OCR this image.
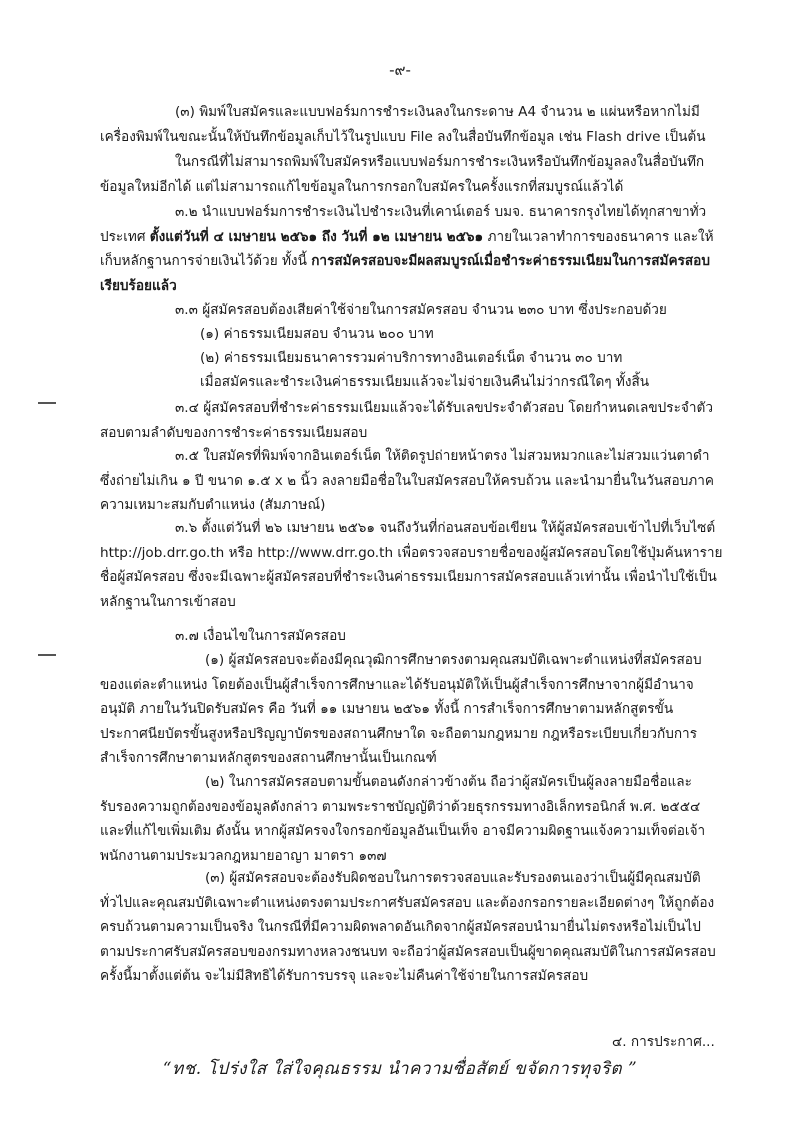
-๙-
(๓) พิมพ์ใบสมัครและแบบฟอร์มการชำระเงินลงในกระดาษ A4 จำนวน ๒ แผ่นหรือหากไม่มีเครื่องพิมพ์ในขณะนั้นให้บันทึกข้อมูลเก็บไว้ในรูปแบบ File ลงในสื่อบันทึกข้อมูล เช่น Flash drive เป็นต้น
ในกรณีที่ไม่สามารถพิมพ์ใบสมัครหรือแบบฟอร์มการชำระเงินหรือบันทึกข้อมูลลงในสื่อบันทึกข้อมูลใหม่อีกได้ แต่ไม่สามารถแก้ไขข้อมูลในการกรอกใบสมัครในครั้งแรกที่สมบูรณ์แล้วได้
๓.๒ นำแบบฟอร์มการชำระเงินไปชำระเงินที่เคาน์เตอร์ บมจ. ธนาคารกรุงไทยได้ทุกสาขาทั่วประเทศ ตั้งแต่วันที่ ๔ เมษายน ๒๕๖๑ ถึง วันที่ ๑๒ เมษายน ๒๕๖๑ ภายในเวลาทำการของธนาคาร และให้เก็บหลักฐานการจ่ายเงินไว้ด้วย ทั้งนี้ การสมัครสอบจะมีผลสมบูรณ์เมื่อชำระค่าธรรมเนียมในการสมัครสอบเรียบร้อยแล้ว
๓.๓ ผู้สมัครสอบต้องเสียค่าใช้จ่ายในการสมัครสอบ จำนวน ๒๓๐ บาท ซึ่งประกอบด้วย
(๑) ค่าธรรมเนียมสอบ จำนวน ๒๐๐ บาท
(๒) ค่าธรรมเนียมธนาคารรวมค่าบริการทางอินเตอร์เน็ต จำนวน ๓๐ บาท
เมื่อสมัครและชำระเงินค่าธรรมเนียมแล้วจะไม่จ่ายเงินคืนไม่ว่ากรณีใดๆ ทั้งสิ้น
๓.๔ ผู้สมัครสอบที่ชำระค่าธรรมเนียมแล้วจะได้รับเลขประจำตัวสอบ โดยกำหนดเลขประจำตัวสอบตามลำดับของการชำระค่าธรรมเนียมสอบ
๓.๕ ใบสมัครที่พิมพ์จากอินเตอร์เน็ต ให้ติดรูปถ่ายหน้าตรง ไม่สวมหมวกและไม่สวมแว่นตาดำซึ่งถ่ายไม่เกิน ๑ ปี ขนาด ๑.๕ x ๒ นิ้ว ลงลายมือชื่อในใบสมัครสอบให้ครบถ้วน และนำมายื่นในวันสอบภาคความเหมาะสมกับตำแหน่ง (สัมภาษณ์)
๓.๖ ตั้งแต่วันที่ ๒๖ เมษายน ๒๕๖๑ จนถึงวันที่ก่อนสอบข้อเขียน ให้ผู้สมัครสอบเข้าไปที่เว็บไซต์ http://job.drr.go.th หรือ http://www.drr.go.th เพื่อตรวจสอบรายชื่อของผู้สมัครสอบโดยใช้ปุ่มค้นหารายชื่อผู้สมัครสอบ ซึ่งจะมีเฉพาะผู้สมัครสอบที่ชำระเงินค่าธรรมเนียมการสมัครสอบแล้วเท่านั้น เพื่อนำไปใช้เป็นหลักฐานในการเข้าสอบ
๓.๗ เงื่อนไขในการสมัครสอบ
(๑) ผู้สมัครสอบจะต้องมีคุณวุฒิการศึกษาตรงตามคุณสมบัติเฉพาะตำแหน่งที่สมัครสอบของแต่ละตำแหน่ง โดยต้องเป็นผู้สำเร็จการศึกษาและได้รับอนุมัติให้เป็นผู้สำเร็จการศึกษาจากผู้มีอำนาจอนุมัติ ภายในวันปิดรับสมัคร คือ วันที่ ๑๑ เมษายน ๒๕๖๑ ทั้งนี้ การสำเร็จการศึกษาตามหลักสูตรขั้นประกาศนียบัตรขั้นสูงหรือปริญญาบัตรของสถานศึกษาใด จะถือตามกฎหมาย กฎหรือระเบียบเกี่ยวกับการสำเร็จการศึกษาตามหลักสูตรของสถานศึกษานั้นเป็นเกณฑ์
(๒) ในการสมัครสอบตามขั้นตอนดังกล่าวข้างต้น ถือว่าผู้สมัครเป็นผู้ลงลายมือชื่อและรับรองความถูกต้องของข้อมูลดังกล่าว ตามพระราชบัญญัติว่าด้วยธุรกรรมทางอิเล็กทรอนิกส์ พ.ศ. ๒๕๕๔ และที่แก้ไขเพิ่มเติม ดังนั้น หากผู้สมัครจงใจกรอกข้อมูลอันเป็นเท็จ อาจมีความผิดฐานแจ้งความเท็จต่อเจ้าพนักงานตามประมวลกฎหมายอาญา มาตรา ๑๓๗
(๓) ผู้สมัครสอบจะต้องรับผิดชอบในการตรวจสอบและรับรองตนเองว่าเป็นผู้มีคุณสมบัติทั่วไปและคุณสมบัติเฉพาะตำแหน่งตรงตามประกาศรับสมัครสอบ และต้องกรอกรายละเอียดต่างๆ ให้ถูกต้องครบถ้วนตามความเป็นจริง ในกรณีที่มีความผิดพลาดอันเกิดจากผู้สมัครสอบนำมายื่นไม่ตรงหรือไม่เป็นไปตามประกาศรับสมัครสอบของกรมทางหลวงชนบท จะถือว่าผู้สมัครสอบเป็นผู้ขาดคุณสมบัติในการสมัครสอบครั้งนี้มาตั้งแต่ต้น จะไม่มีสิทธิได้รับการบรรจุ และจะไม่คืนค่าใช้จ่ายในการสมัครสอบ
๔. การประกาศ...
“ทช. โปร่งใส ใส่ใจคุณธรรม นำความซื่อสัตย์ ขจัดการทุจริต ”
